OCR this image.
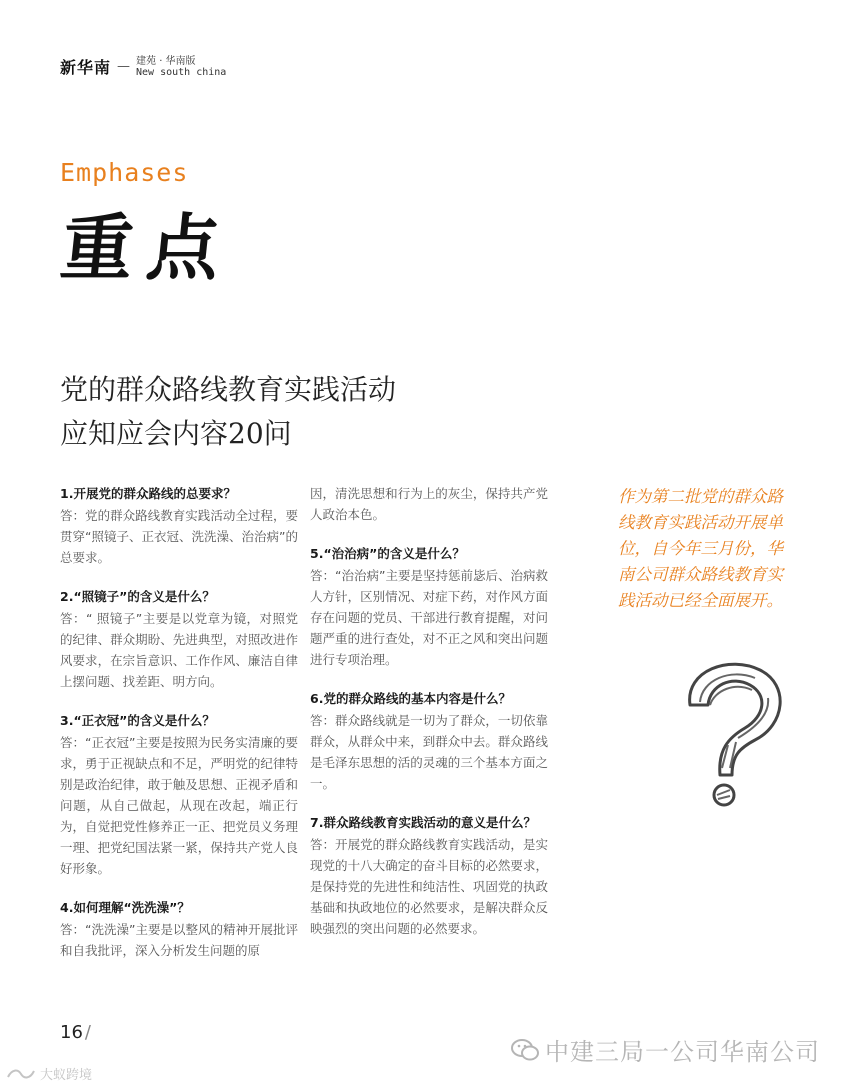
新华南 — 建苑 · 华南版
New south china
Emphases
重点
党的群众路线教育实践活动
应知应会内容20问
1.开展党的群众路线的总要求？
答：党的群众路线教育实践活动全过程，要贯穿“照镜子、正衣冠、洗洗澡、治治病”的总要求。
2.“照镜子”的含义是什么？
答：“ 照镜子”主要是以党章为镜，对照党的纪律、群众期盼、先进典型，对照改进作风要求，在宗旨意识、工作作风、廉洁自律上摆问题、找差距、明方向。
3.“正衣冠”的含义是什么？
答：“正衣冠”主要是按照为民务实清廉的要求，勇于正视缺点和不足，严明党的纪律特别是政治纪律，敢于触及思想、正视矛盾和问题，从自己做起，从现在改起，端正行为，自觉把党性修养正一正、把党员义务理一理、把党纪国法紧一紧，保持共产党人良好形象。
4.如何理解“洗洗澡”？
答：“洗洗澡”主要是以整风的精神开展批评和自我批评，深入分析发生问题的原
因，清洗思想和行为上的灰尘，保持共产党人政治本色。
5.“治治病”的含义是什么？
答：“治治病”主要是坚持惩前毖后、治病救人方针，区别情况、对症下药，对作风方面存在问题的党员、干部进行教育提醒，对问题严重的进行查处，对不正之风和突出问题进行专项治理。
6.党的群众路线的基本内容是什么？
答：群众路线就是一切为了群众，一切依靠群众，从群众中来，到群众中去。群众路线是毛泽东思想的活的灵魂的三个基本方面之一。
7.群众路线教育实践活动的意义是什么？
答：开展党的群众路线教育实践活动，是实现党的十八大确定的奋斗目标的必然要求，是保持党的先进性和纯洁性、巩固党的执政基础和执政地位的必然要求，是解决群众反映强烈的突出问题的必然要求。
作为第二批党的群众路线教育实践活动开展单位，自今年三月份，华南公司群众路线教育实践活动已经全面展开。
16 /
中建三局一公司华南公司
大蚁跨境
